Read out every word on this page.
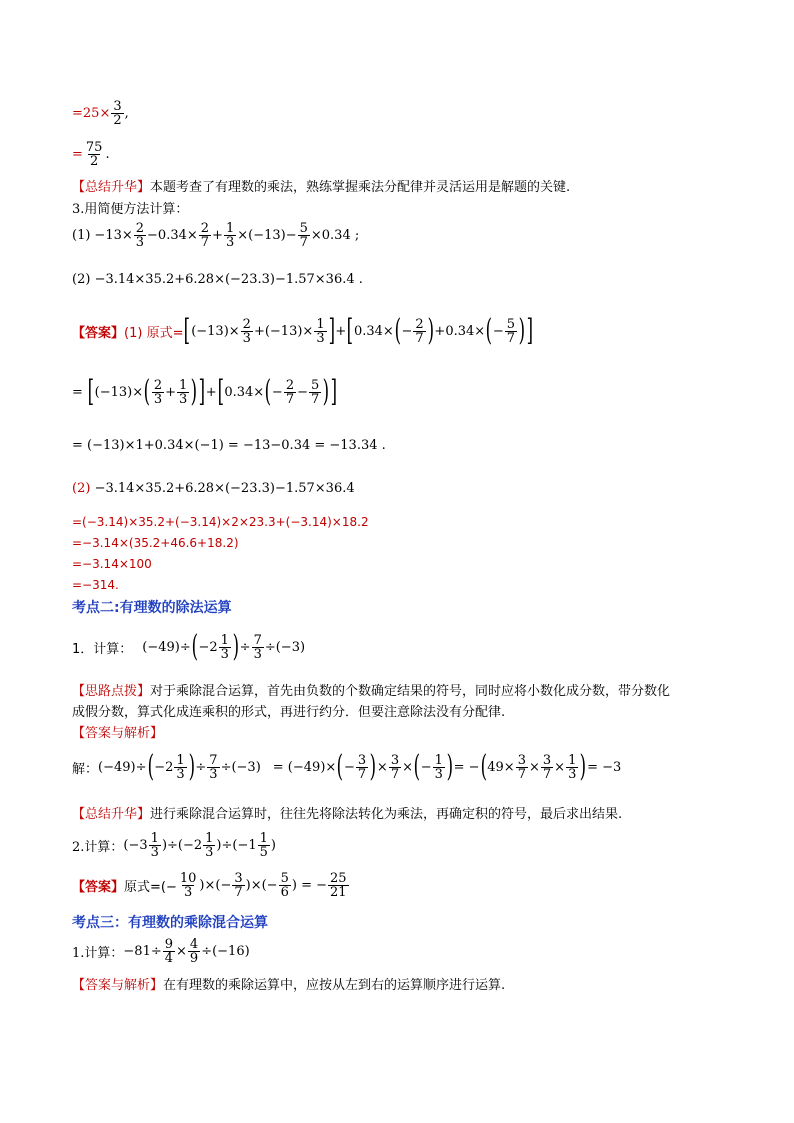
$=25 \times \frac{3}{2}$ ,
= $\frac{75}{2}$ .
【总结升华】本题考查了有理数的乘法，熟练掌握乘法分配律并灵活运用是解题的关键.
3.用简便方法计算：
$(1) -13\times \frac{2}{3} -0.34\times \frac{2}{7} + \frac{1}{3} \times(-13)- \frac{5}{7} \times 0.34$ ;
(2) −3.14×35.2+6.28×(−23.3)−1.57×36.4 .
【答案】 (1) 原式= [ $(-13)\times \frac{2}{3} +(-13)\times \frac{1}{3}$ ] + [ 0.34× ( − $\frac{2}{7}$ ) +0.34× ( − $\frac{5}{7}$ ) ]
= [ (−13)× ( $\frac{2}{3} + \frac{1}{3}$ ) ] + [ 0.34× ( − $\frac{2}{7} - \frac{5}{7}$ ) ]
= (−13)×1+0.34×(−1) = −13−0.34 = −13.34 .
(2) −3.14×35.2+6.28×(−23.3)−1.57×36.4
=(−3.14)×35.2+(−3.14)×2×23.3+(−3.14)×18.2
=−3.14×(35.2+46.6+18.2)
=−3.14×100
=−314.
考点二:有理数的除法运算
1．计算： (−49)÷ ( $-2 \frac{1}{3}$ ) ÷ $\frac{7}{3} \div(-3)$
【思路点拨】对于乘除混合运算，首先由负数的个数确定结果的符号，同时应将小数化成分数，带分数化
成假分数，算式化成连乘积的形式，再进行约分．但要注意除法没有分配律.
【答案与解析】
解： (−49)÷ ( $-2 \frac{1}{3}$ ) ÷ $\frac{7}{3} \div(-3) = (-49)\times$ ( − $\frac{3}{7}$ ) × $\frac{3}{7}$ × ( − $\frac{1}{3}$ ) = − ( $49\times \frac{3}{7} \times \frac{3}{7} \times \frac{1}{3}$ ) = −3
【总结升华】进行乘除混合运算时，往往先将除法转化为乘法，再确定积的符号，最后求出结果.
2.计算： $(-3 \frac{1}{3} )\div(-2 \frac{1}{3} )\div(-1 \frac{1}{5}$ )
【答案】 原式=(− $\frac{10}{3}$ )×(− $\frac{3}{7}$ )×(− $\frac{5}{6}$ ) = − $\frac{25}{21}$
考点三：有理数的乘除混合运算
1.计算： $-81\div \frac{9}{4} \times \frac{4}{9} \div(-16)$
【答案与解析】在有理数的乘除运算中，应按从左到右的运算顺序进行运算.
